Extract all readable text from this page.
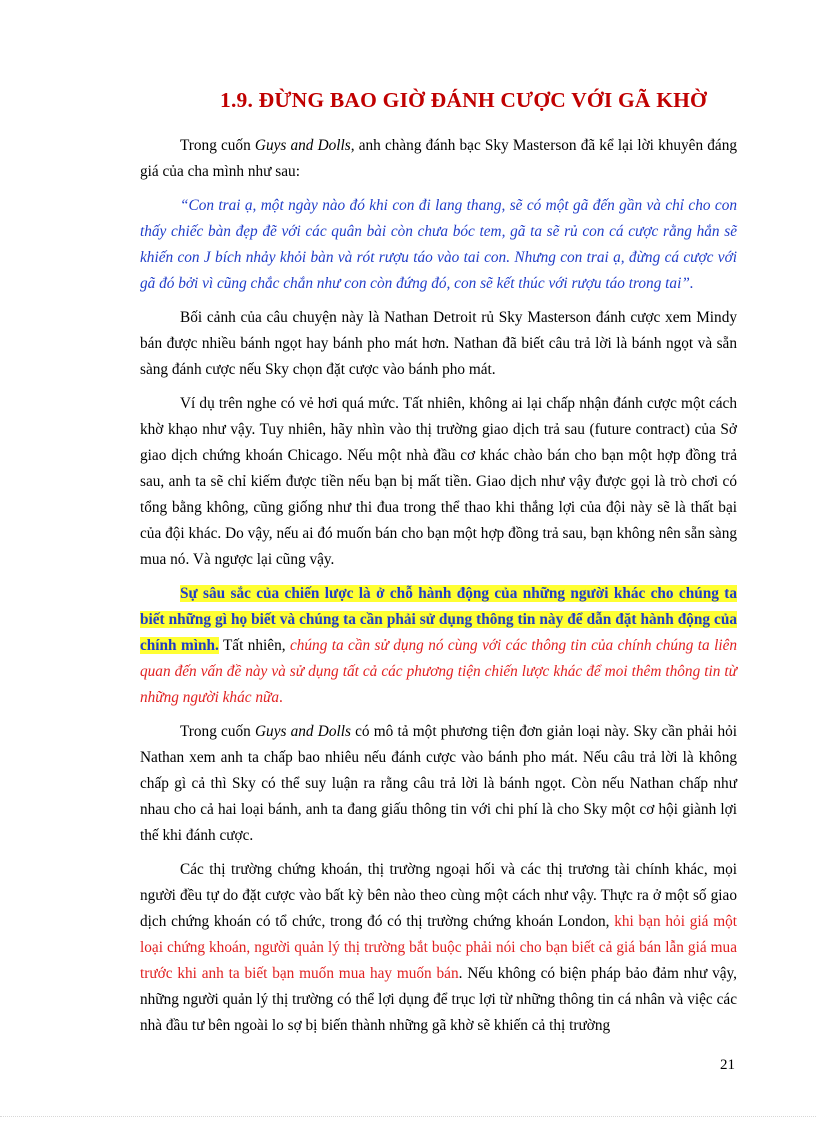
1.9. ĐỪNG BAO GIỜ ĐÁNH CƯỢC VỚI GÃ KHỜ

Trong cuốn Guys and Dolls, anh chàng đánh bạc Sky Masterson đã kể lại lời khuyên đáng giá của cha mình như sau:

“Con trai ạ, một ngày nào đó khi con đi lang thang, sẽ có một gã đến gần và chỉ cho con thấy chiếc bàn đẹp đẽ với các quân bài còn chưa bóc tem, gã ta sẽ rủ con cá cược rằng hắn sẽ khiến con J bích nhảy khỏi bàn và rót rượu táo vào tai con. Nhưng con trai ạ, đừng cá cược với gã đó bởi vì cũng chắc chắn như con còn đứng đó, con sẽ kết thúc với rượu táo trong tai”.

Bối cảnh của câu chuyện này là Nathan Detroit rủ Sky Masterson đánh cược xem Mindy bán được nhiều bánh ngọt hay bánh pho mát hơn. Nathan đã biết câu trả lời là bánh ngọt và sẵn sàng đánh cược nếu Sky chọn đặt cược vào bánh pho mát.

Ví dụ trên nghe có vẻ hơi quá mức. Tất nhiên, không ai lại chấp nhận đánh cược một cách khờ khạo như vậy. Tuy nhiên, hãy nhìn vào thị trường giao dịch trả sau (future contract) của Sở giao dịch chứng khoán Chicago. Nếu một nhà đầu cơ khác chào bán cho bạn một hợp đồng trả sau, anh ta sẽ chỉ kiếm được tiền nếu bạn bị mất tiền. Giao dịch như vậy được gọi là trò chơi có tổng bằng không, cũng giống như thi đua trong thể thao khi thắng lợi của đội này sẽ là thất bại của đội khác. Do vậy, nếu ai đó muốn bán cho bạn một hợp đồng trả sau, bạn không nên sẵn sàng mua nó. Và ngược lại cũng vậy.

Sự sâu sắc của chiến lược là ở chỗ hành động của những người khác cho chúng ta biết những gì họ biết và chúng ta cần phải sử dụng thông tin này để dẫn đặt hành động của chính mình. Tất nhiên, chúng ta cần sử dụng nó cùng với các thông tin của chính chúng ta liên quan đến vấn đề này và sử dụng tất cả các phương tiện chiến lược khác để moi thêm thông tin từ những người khác nữa.

Trong cuốn Guys and Dolls có mô tả một phương tiện đơn giản loại này. Sky cần phải hỏi Nathan xem anh ta chấp bao nhiêu nếu đánh cược vào bánh pho mát. Nếu câu trả lời là không chấp gì cả thì Sky có thể suy luận ra rằng câu trả lời là bánh ngọt. Còn nếu Nathan chấp như nhau cho cả hai loại bánh, anh ta đang giấu thông tin với chi phí là cho Sky một cơ hội giành lợi thế khi đánh cược.

Các thị trường chứng khoán, thị trường ngoại hối và các thị trương tài chính khác, mọi người đều tự do đặt cược vào bất kỳ bên nào theo cùng một cách như vậy. Thực ra ở một số giao dịch chứng khoán có tổ chức, trong đó có thị trường chứng khoán London, khi bạn hỏi giá một loại chứng khoán, người quản lý thị trường bắt buộc phải nói cho bạn biết cả giá bán lẫn giá mua trước khi anh ta biết bạn muốn mua hay muốn bán. Nếu không có biện pháp bảo đảm như vậy, những người quản lý thị trường có thể lợi dụng để trục lợi từ những thông tin cá nhân và việc các nhà đầu tư bên ngoài lo sợ bị biến thành những gã khờ sẽ khiến cả thị trường

21
